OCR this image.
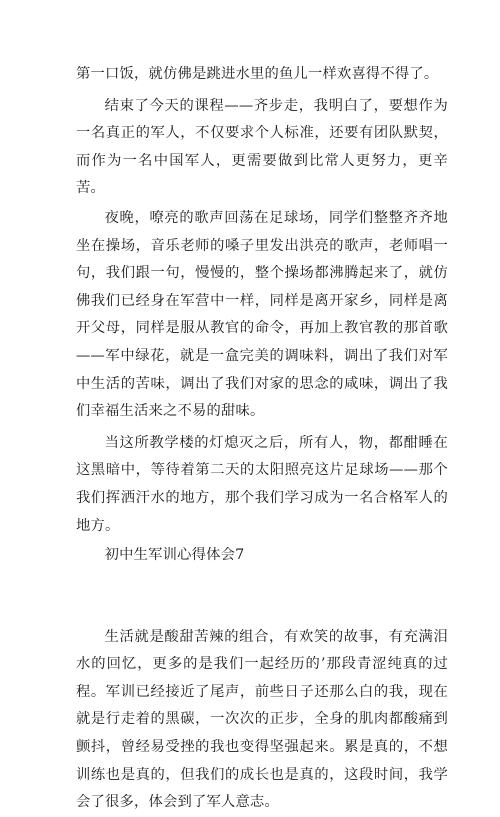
第一口饭，就仿佛是跳进水里的鱼儿一样欢喜得不得了。

结束了今天的课程——齐步走，我明白了，要想作为一名真正的军人，不仅要求个人标准，还要有团队默契，而作为一名中国军人，更需要做到比常人更努力，更辛苦。

夜晚，嘹亮的歌声回荡在足球场，同学们整整齐齐地坐在操场，音乐老师的嗓子里发出洪亮的歌声，老师唱一句，我们跟一句，慢慢的，整个操场都沸腾起来了，就仿佛我们已经身在军营中一样，同样是离开家乡，同样是离开父母，同样是服从教官的命令，再加上教官教的那首歌——军中绿花，就是一盒完美的调味料，调出了我们对军中生活的苦味，调出了我们对家的思念的咸味，调出了我们幸福生活来之不易的甜味。

当这所教学楼的灯熄灭之后，所有人，物，都酣睡在这黑暗中，等待着第二天的太阳照亮这片足球场——那个我们挥洒汗水的地方，那个我们学习成为一名合格军人的地方。

初中生军训心得体会7

生活就是酸甜苦辣的组合，有欢笑的故事，有充满泪水的回忆，更多的是我们一起经历的’那段青涩纯真的过程。军训已经接近了尾声，前些日子还那么白的我，现在就是行走着的黑碳，一次次的正步，全身的肌肉都酸痛到颤抖，曾经易受挫的我也变得坚强起来。累是真的，不想训练也是真的，但我们的成长也是真的，这段时间，我学会了很多，体会到了军人意志。
